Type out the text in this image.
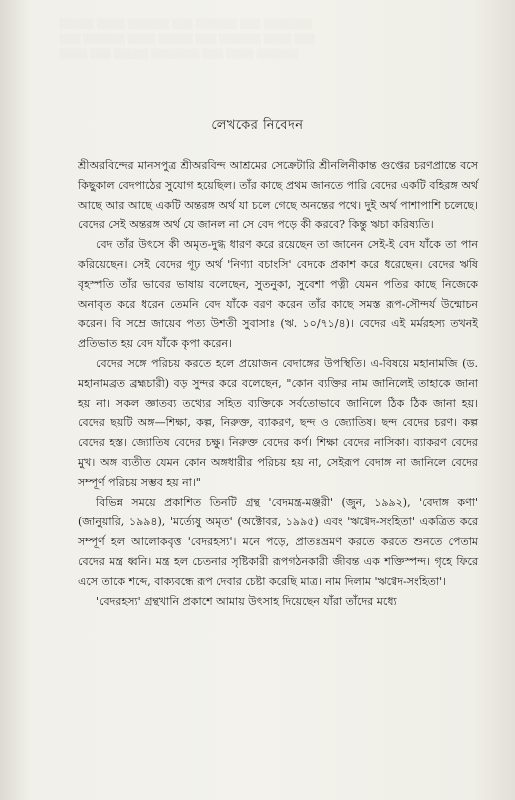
░░░░░ ░░░░ ░░░░░░ ░░░ ░░░░░░ ░░░ ░░░░░░░
░░░ ░░░░░░ ░░░░ ░░░░░ ░░░ ░░░░░░ ░░░░ ░░░
░░░░ ░░░ ░░░░░ ░░░░░░░ ░░░ ░░░░ ░░░░░░
লেখকের নিবেদন

শ্রীঅরবিন্দের মানসপুত্র শ্রীঅরবিন্দ আশ্রমের সেক্রেটারি শ্রীনলিনীকান্ত গুপ্তের চরণপ্রান্তে বসে কিছুকাল বেদপাঠের সুযোগ হয়েছিল। তাঁর কাছে প্রথম জানতে পারি বেদের একটি বহিরঙ্গ অর্থ আছে আর আছে একটি অন্তরঙ্গ অর্থ যা চলে গেছে অনন্তের পথে। দুই অর্থ পাশাপাশি চলেছে। বেদের সেই অন্তরঙ্গ অর্থ যে জানল না সে বেদ পড়ে কী করবে? কিন্তু ঋচা করিষ্যতি।

বেদ তাঁর উৎসে কী অমৃত-দুগ্ধ ধারণ করে রয়েছেন তা জানেন সেই-ই বেদ যাঁকে তা পান করিয়েছেন। সেই বেদের গূঢ় অর্থ 'নিণ্যা বচাংসি' বেদকে প্রকাশ করে ধরেছেন। বেদের ঋষি বৃহস্পতি তাঁর ভাবের ভাষায় বলেছেন, সুতনুকা, সুবেশা পত্নী যেমন পতির কাছে নিজেকে অনাবৃত করে ধরেন তেমনি বেদ যাঁকে বরণ করেন তাঁর কাছে সমস্ত রূপ-সৌন্দর্য উন্মোচন করেন। বি সম্রে জায়েব পত্য উশতী সুবাসাঃ (ঋ. ১০/৭১/৪)। বেদের এই মর্মরহস্য তখনই প্রতিভাত হয় বেদ যাঁকে কৃপা করেন।

বেদের সঙ্গে পরিচয় করতে হলে প্রয়োজন বেদাঙ্গের উপস্থিতি। এ-বিষয়ে মহানামজি (ড. মহানামব্রত ব্রহ্মচারী) বড় সুন্দর করে বলেছেন, "কোন ব্যক্তির নাম জানিলেই তাহাকে জানা হয় না। সকল জ্ঞাতব্য তথ্যের সহিত ব্যক্তিকে সর্বতোভাবে জানিলে ঠিক ঠিক জানা হয়। বেদের ছয়টি অঙ্গ—শিক্ষা, কল্প, নিরুক্ত, ব্যাকরণ, ছন্দ ও জ্যোতিষ। ছন্দ বেদের চরণ। কল্প বেদের হস্ত। জ্যোতিষ বেদের চক্ষু। নিরুক্ত বেদের কর্ণ। শিক্ষা বেদের নাসিকা। ব্যাকরণ বেদের মুখ। অঙ্গ ব্যতীত যেমন কোন অঙ্গধারীর পরিচয় হয় না, সেইরূপ বেদাঙ্গ না জানিলে বেদের সম্পূর্ণ পরিচয় সম্ভব হয় না।"

বিভিন্ন সময়ে প্রকাশিত তিনটি গ্রন্থ 'বেদমন্ত্র-মঞ্জরী' (জুন, ১৯৯২), 'বেদাঙ্গ কণা' (জানুয়ারি, ১৯৯৪), 'মর্ত্যেষু অমৃত' (অক্টোবর, ১৯৯৫) এবং 'ঋগ্বেদ-সংহিতা' একত্রিত করে সম্পূর্ণ হল আলোকবৃত্ত 'বেদরহস্য'। মনে পড়ে, প্রাতঃভ্রমণ করতে করতে শুনতে পেতাম বেদের মন্ত্র ধ্বনি। মন্ত্র হল চেতনার সৃষ্টিকারী রূপগঠনকারী জীবন্ত এক শক্তিস্পন্দ। গৃহে ফিরে এসে তাকে শব্দে, বাক্যবন্ধে রূপ দেবার চেষ্টা করেছি মাত্র। নাম দিলাম 'ঋগ্বেদ-সংহিতা'।

'বেদরহস্য' গ্রন্থখানি প্রকাশে আমায় উৎসাহ দিয়েছেন যাঁরা তাঁদের মধ্যে
